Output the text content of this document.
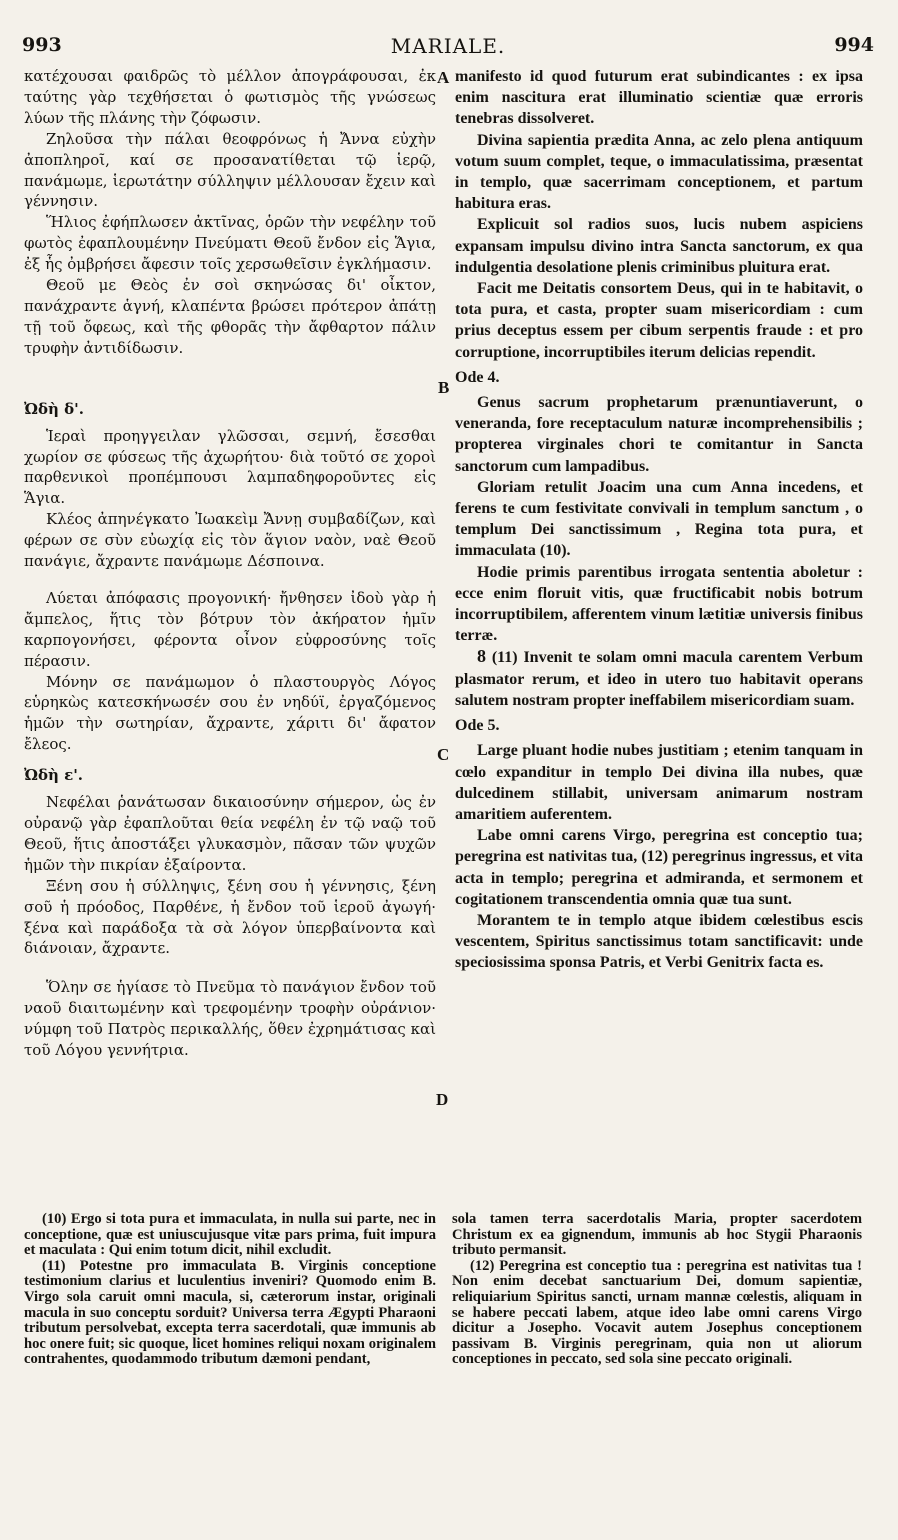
993	MARIALE.	994

κατέχουσαι φαιδρῶς τὸ μέλλον ἀπογράφουσαι, ἐκ ταύτης γὰρ τεχθήσεται ὁ φωτισμὸς τῆς γνώσεως λύων τῆς πλάνης τὴν ζόφωσιν.

Ζηλοῦσα τὴν πάλαι θεοφρόνως ἡ Ἄννα εὐχὴν ἀποπληροῖ, καί σε προσανατίθεται τῷ ἱερῷ, πανάμωμε, ἱερωτάτην σύλληψιν μέλλουσαν ἔχειν καὶ γέννησιν.

Ἥλιος ἐφήπλωσεν ἀκτῖνας, ὁρῶν τὴν νεφέλην τοῦ φωτὸς ἐφαπλουμένην Πνεύματι Θεοῦ ἔνδον εἰς Ἅγια, ἐξ ἧς ὀμβρήσει ἄφεσιν τοῖς χερσωθεῖσιν ἐγκλήμασιν.

Θεοῦ με Θεὸς ἐν σοὶ σκηνώσας δι' οἶκτον, πανάχραντε ἁγνή, κλαπέντα βρώσει πρότερον ἀπάτῃ τῇ τοῦ ὄφεως, καὶ τῆς φθορᾶς τὴν ἄφθαρτον πάλιν τρυφὴν ἀντιδίδωσιν.

Ὠδὴ δ'.

Ἱεραὶ προηγγειλαν γλῶσσαι, σεμνή, ἔσεσθαι χωρίον σε φύσεως τῆς ἀχωρήτου· διὰ τοῦτό σε χοροὶ παρθενικοὶ προπέμπουσι λαμπαδηφοροῦντες εἰς Ἅγια.

Κλέος ἀπηνέγκατο Ἰωακεὶμ Ἄννῃ συμβαδίζων, καὶ φέρων σε σὺν εὐωχίᾳ εἰς τὸν ἅγιον ναὸν, ναὲ Θεοῦ πανάγιε, ἄχραντε πανάμωμε Δέσποινα.

Λύεται ἀπόφασις προγονική· ἤνθησεν ἰδοὺ γὰρ ἡ ἄμπελος, ἥτις τὸν βότρυν τὸν ἀκήρατον ἡμῖν καρπογονήσει, φέροντα οἶνον εὐφροσύνης τοῖς πέρασιν.

Μόνην σε πανάμωμον ὁ πλαστουργὸς Λόγος εὑρηκὼς κατεσκήνωσέν σου ἐν νηδύϊ, ἐργαζόμενος ἡμῶν τὴν σωτηρίαν, ἄχραντε, χάριτι δι' ἄφατον ἔλεος.

Ὠδὴ ε'.

Νεφέλαι ῥανάτωσαν δικαιοσύνην σήμερον, ὡς ἐν οὐρανῷ γὰρ ἐφαπλοῦται θεία νεφέλη ἐν τῷ ναῷ τοῦ Θεοῦ, ἥτις ἀποστάξει γλυκασμὸν, πᾶσαν τῶν ψυχῶν ἡμῶν τὴν πικρίαν ἐξαίροντα.

Ξένη σου ἡ σύλληψις, ξένη σου ἡ γέννησις, ξένη σοῦ ἡ πρόοδος, Παρθένε, ἡ ἔνδον τοῦ ἱεροῦ ἀγωγή· ξένα καὶ παράδοξα τὰ σὰ λόγον ὑπερβαίνοντα καὶ διάνοιαν, ἄχραντε.

Ὅλην σε ἡγίασε τὸ Πνεῦμα τὸ πανάγιον ἔνδον τοῦ ναοῦ διαιτωμένην καὶ τρεφομένην τροφὴν οὐράνιον· νύμφη τοῦ Πατρὸς περικαλλής, ὅθεν ἐχρημάτισας καὶ τοῦ Λόγου γεννήτρια.

A
B
C
D

manifesto id quod futurum erat subindicantes : ex ipsa enim nascitura erat illuminatio scientiæ quæ erroris tenebras dissolveret.

Divina sapientia prædita Anna, ac zelo plena antiquum votum suum complet, teque, o immaculatissima, præsentat in templo, quæ sacerrimam conceptionem, et partum habitura eras.

Explicuit sol radios suos, lucis nubem aspiciens expansam impulsu divino intra Sancta sanctorum, ex qua indulgentia desolatione plenis criminibus pluitura erat.

Facit me Deitatis consortem Deus, qui in te habitavit, o tota pura, et casta, propter suam misericordiam : cum prius deceptus essem per cibum serpentis fraude : et pro corruptione, incorruptibiles iterum delicias rependit.

Ode 4.

Genus sacrum prophetarum prænuntiaverunt, o veneranda, fore receptaculum naturæ incomprehensibilis ; propterea virginales chori te comitantur in Sancta sanctorum cum lampadibus.

Gloriam retulit Joacim una cum Anna incedens, et ferens te cum festivitate convivali in templum sanctum , o templum Dei sanctissimum , Regina tota pura, et immaculata (10).

Hodie primis parentibus irrogata sententia aboletur : ecce enim floruit vitis, quæ fructificabit nobis botrum incorruptibilem, afferentem vinum lætitiæ universis finibus terræ.

8 (11) Invenit te solam omni macula carentem Verbum plasmator rerum, et ideo in utero tuo habitavit operans salutem nostram propter ineffabilem misericordiam suam.

Ode 5.

Large pluant hodie nubes justitiam ; etenim tanquam in cœlo expanditur in templo Dei divina illa nubes, quæ dulcedinem stillabit, universam animarum nostram amaritiem auferentem.

Labe omni carens Virgo, peregrina est conceptio tua; peregrina est nativitas tua, (12) peregrinus ingressus, et vita acta in templo; peregrina et admiranda, et sermonem et cogitationem transcendentia omnia quæ tua sunt.

Morantem te in templo atque ibidem cœlestibus escis vescentem, Spiritus sanctissimus totam sanctificavit: unde speciosissima sponsa Patris, et Verbi Genitrix facta es.

(10) Ergo si tota pura et immaculata, in nulla sui parte, nec in conceptione, quæ est uniuscujusque vitæ pars prima, fuit impura et maculata : Qui enim totum dicit, nihil excludit.

(11) Potestne pro immaculata B. Virginis conceptione testimonium clarius et luculentius inveniri? Quomodo enim B. Virgo sola caruit omni macula, si, cæterorum instar, originali macula in suo conceptu sorduit? Universa terra Ægypti Pharaoni tributum persolvebat, excepta terra sacerdotali, quæ immunis ab hoc onere fuit; sic quoque, licet homines reliqui noxam originalem contrahentes, quodammodo tributum dæmoni pendant,

sola tamen terra sacerdotalis Maria, propter sacerdotem Christum ex ea gignendum, immunis ab hoc Stygii Pharaonis tributo permansit.

(12) Peregrina est conceptio tua : peregrina est nativitas tua ! Non enim decebat sanctuarium Dei, domum sapientiæ, reliquiarium Spiritus sancti, urnam mannæ cœlestis, aliquam in se habere peccati labem, atque ideo labe omni carens Virgo dicitur a Josepho. Vocavit autem Josephus conceptionem passivam B. Virginis peregrinam, quia non ut aliorum conceptiones in peccato, sed sola sine peccato originali.
